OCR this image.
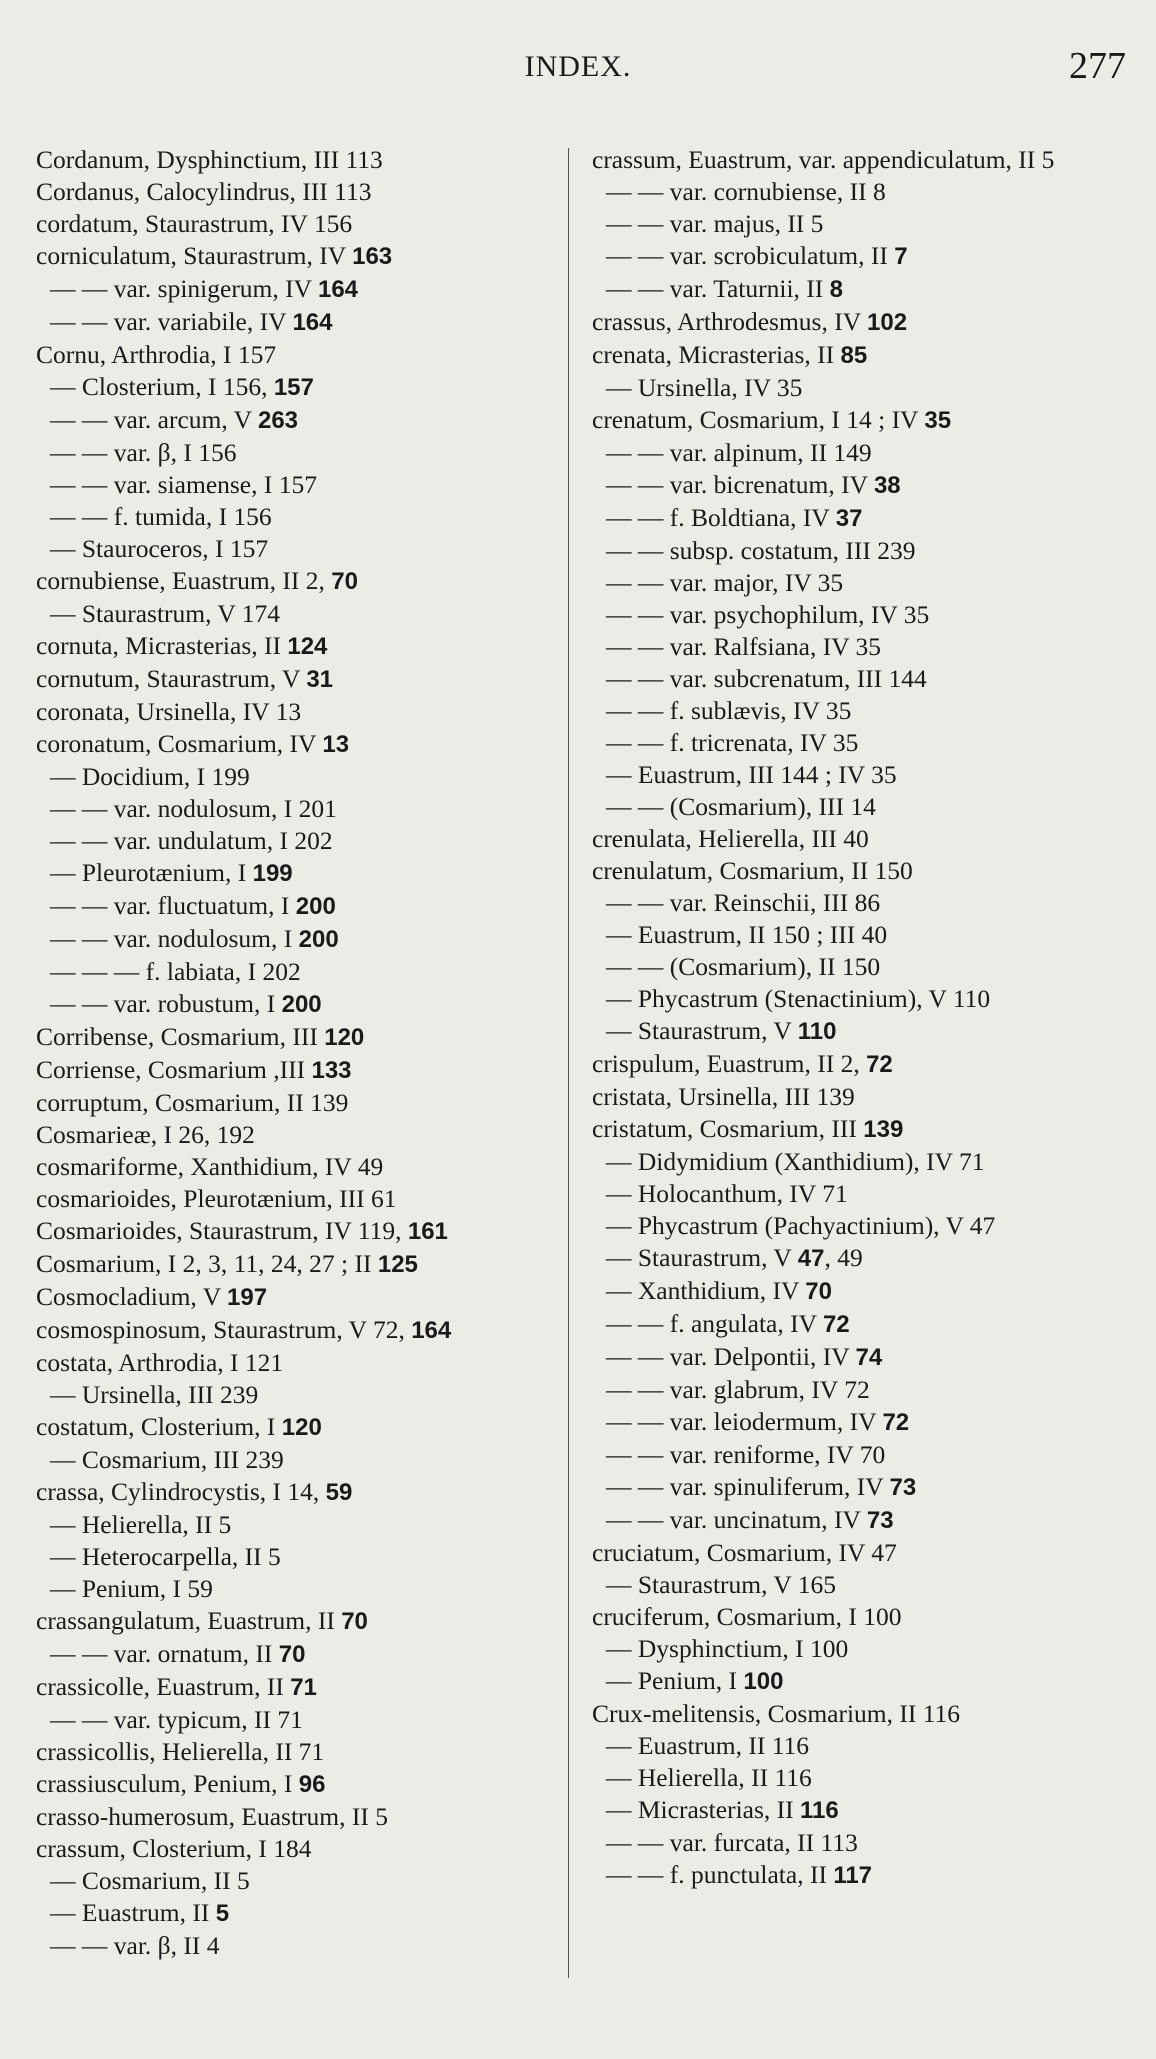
INDEX.	277
Cordanum, Dysphinctium, III 113
Cordanus, Calocylindrus, III 113
cordatum, Staurastrum, IV 156
corniculatum, Staurastrum, IV 163
— — var. spinigerum, IV 164
— — var. variabile, IV 164
Cornu, Arthrodia, I 157
— Closterium, I 156, 157
— — var. arcum, V 263
— — var. β, I 156
— — var. siamense, I 157
— — f. tumida, I 156
— Stauroceros, I 157
cornubiense, Euastrum, II 2, 70
— Staurastrum, V 174
cornuta, Micrasterias, II 124
cornutum, Staurastrum, V 31
coronata, Ursinella, IV 13
coronatum, Cosmarium, IV 13
— Docidium, I 199
— — var. nodulosum, I 201
— — var. undulatum, I 202
— Pleurotænium, I 199
— — var. fluctuatum, I 200
— — var. nodulosum, I 200
— — — f. labiata, I 202
— — var. robustum, I 200
Corribense, Cosmarium, III 120
Corriense, Cosmarium ,III 133
corruptum, Cosmarium, II 139
Cosmarieæ, I 26, 192
cosmariforme, Xanthidium, IV 49
cosmarioides, Pleurotænium, III 61
Cosmarioides, Staurastrum, IV 119, 161
Cosmarium, I 2, 3, 11, 24, 27 ; II 125
Cosmocladium, V 197
cosmospinosum, Staurastrum, V 72, 164
costata, Arthrodia, I 121
— Ursinella, III 239
costatum, Closterium, I 120
— Cosmarium, III 239
crassa, Cylindrocystis, I 14, 59
— Helierella, II 5
— Heterocarpella, II 5
— Penium, I 59
crassangulatum, Euastrum, II 70
— — var. ornatum, II 70
crassicolle, Euastrum, II 71
— — var. typicum, II 71
crassicollis, Helierella, II 71
crassiusculum, Penium, I 96
crasso-humerosum, Euastrum, II 5
crassum, Closterium, I 184
— Cosmarium, II 5
— Euastrum, II 5
— — var. β, II 4
crassum, Euastrum, var. appendiculatum, II 5
— — var. cornubiense, II 8
— — var. majus, II 5
— — var. scrobiculatum, II 7
— — var. Taturnii, II 8
crassus, Arthrodesmus, IV 102
crenata, Micrasterias, II 85
— Ursinella, IV 35
crenatum, Cosmarium, I 14 ; IV 35
— — var. alpinum, II 149
— — var. bicrenatum, IV 38
— — f. Boldtiana, IV 37
— — subsp. costatum, III 239
— — var. major, IV 35
— — var. psychophilum, IV 35
— — var. Ralfsiana, IV 35
— — var. subcrenatum, III 144
— — f. sublævis, IV 35
— — f. tricrenata, IV 35
— Euastrum, III 144 ; IV 35
— — (Cosmarium), III 14
crenulata, Helierella, III 40
crenulatum, Cosmarium, II 150
— — var. Reinschii, III 86
— Euastrum, II 150 ; III 40
— — (Cosmarium), II 150
— Phycastrum (Stenactinium), V 110
— Staurastrum, V 110
crispulum, Euastrum, II 2, 72
cristata, Ursinella, III 139
cristatum, Cosmarium, III 139
— Didymidium (Xanthidium), IV 71
— Holocanthum, IV 71
— Phycastrum (Pachyactinium), V 47
— Staurastrum, V 47, 49
— Xanthidium, IV 70
— — f. angulata, IV 72
— — var. Delpontii, IV 74
— — var. glabrum, IV 72
— — var. leiodermum, IV 72
— — var. reniforme, IV 70
— — var. spinuliferum, IV 73
— — var. uncinatum, IV 73
cruciatum, Cosmarium, IV 47
— Staurastrum, V 165
cruciferum, Cosmarium, I 100
— Dysphinctium, I 100
— Penium, I 100
Crux-melitensis, Cosmarium, II 116
— Euastrum, II 116
— Helierella, II 116
— Micrasterias, II 116
— — var. furcata, II 113
— — f. punctulata, II 117
